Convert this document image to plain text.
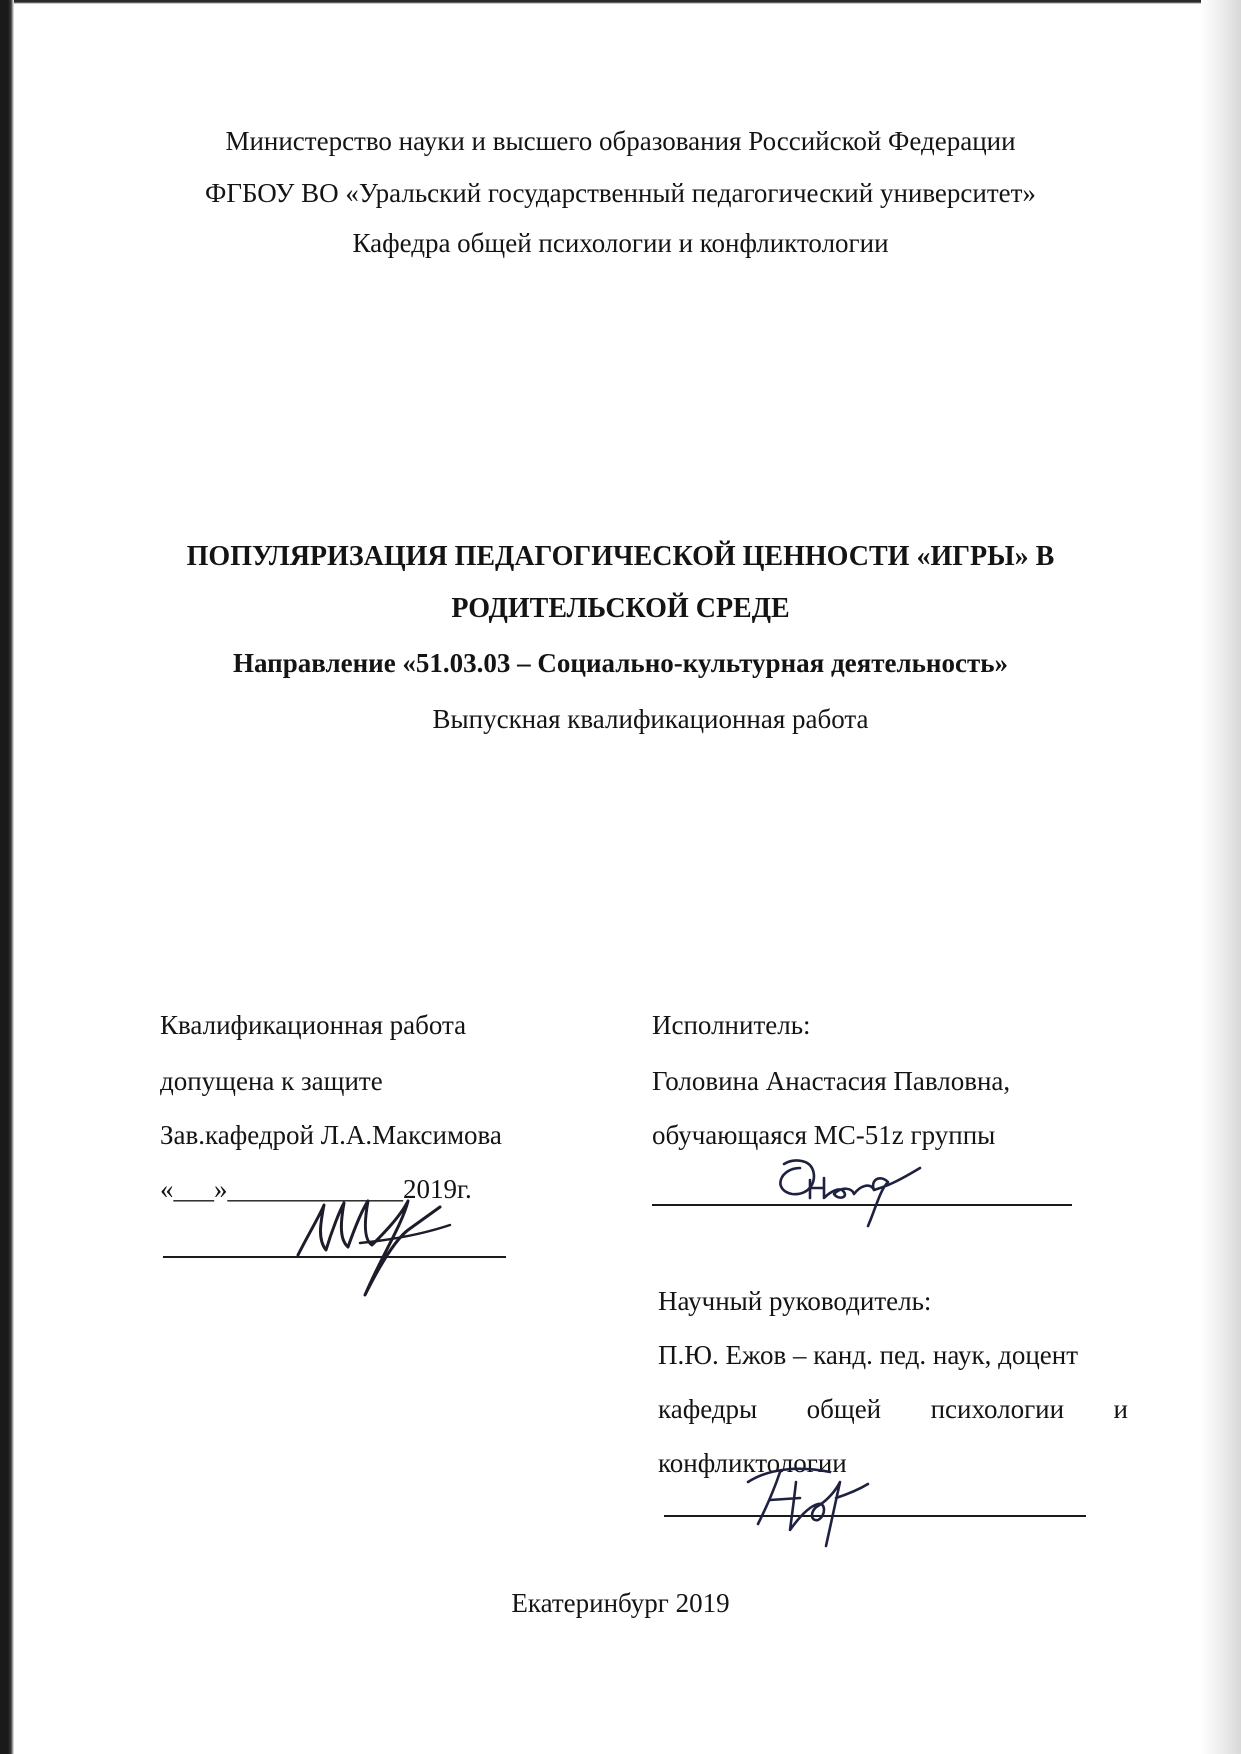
Министерство науки и высшего образования Российской Федерации
ФГБОУ ВО «Уральский государственный педагогический университет»
Кафедра общей психологии и конфликтологии
ПОПУЛЯРИЗАЦИЯ ПЕДАГОГИЧЕСКОЙ ЦЕННОСТИ «ИГРЫ» В
РОДИТЕЛЬСКОЙ СРЕДЕ
Направление «51.03.03 – Социально-культурная деятельность»
Выпускная квалификационная работа
Квалификационная работа
допущена к защите
Зав.кафедрой Л.А.Максимова
«___»_____________2019г.
Исполнитель:
Головина Анастасия Павловна,
обучающаяся МС-51z группы
Научный руководитель:
П.Ю. Ежов – канд. пед. наук, доцент
кафедры общей психологии и
конфликтологии
Екатеринбург 2019
